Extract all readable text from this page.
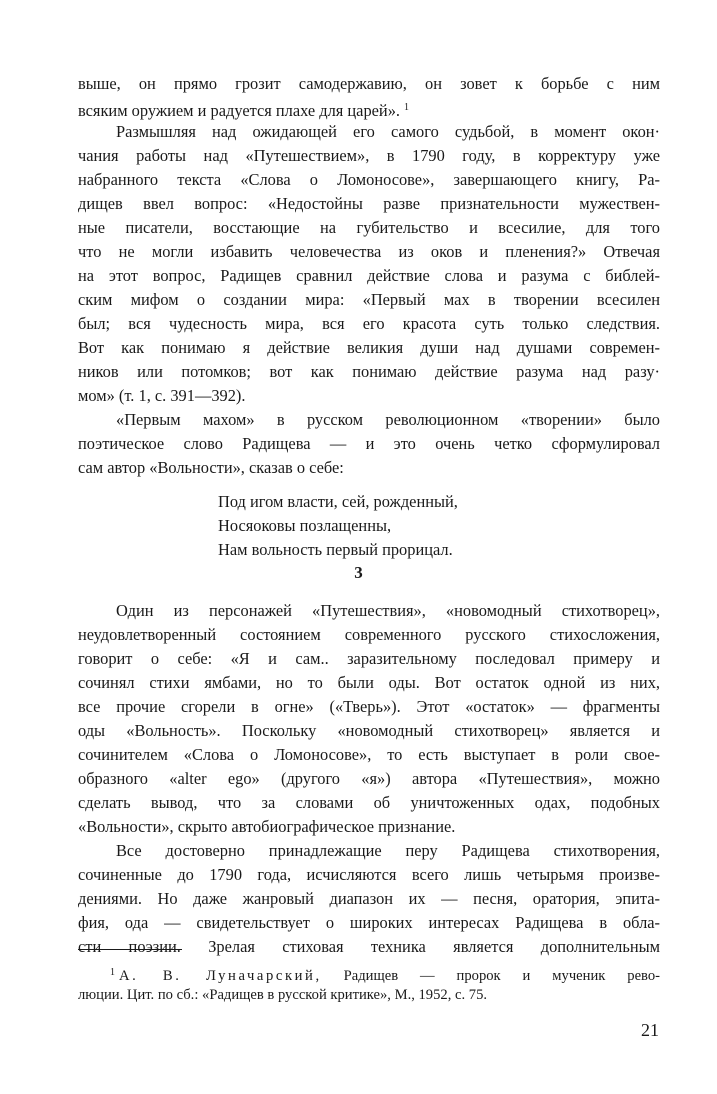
выше, он прямо грозит самодержавию, он зовет к борьбе с ним
всяким оружием и радуется плахе для царей». $^1$
Размышляя над ожидающей его самого судьбой, в момент окон·
чания работы над «Путешествием», в 1790 году, в корректуру уже
набранного текста «Слова о Ломоносове», завершающего книгу, Ра-
дищев ввел вопрос: «Недостойны разве признательности мужествен-
ные писатели, восстающие на губительство и всесилие, для того
что не могли избавить человечества из оков и пленения?» Отвечая
на этот вопрос, Радищев сравнил действие слова и разума с библей-
ским мифом о создании мира: «Первый мах в творении всесилен
был; вся чудесность мира, вся его красота суть только следствия.
Вот как понимаю я действие великия души над душами современ-
ников или потомков; вот как понимаю действие разума над разу·
мом» (т. 1, с. 391—392).
«Первым махом» в русском революционном «творении» было
поэтическое слово Радищева — и это очень четко сформулировал
сам автор «Вольности», сказав о себе:
Под игом власти, сей, рожденный,
Носяоковы позлащенны,
Нам вольность первый прорицал.
3
Один из персонажей «Путешествия», «новомодный стихотворец»,
неудовлетворенный состоянием современного русского стихосложения,
говорит о себе: «Я и сам.. заразительному последовал примеру и
сочинял стихи ямбами, но то были оды. Вот остаток одной из них,
все прочие сгорели в огне» («Тверь»). Этот «остаток» — фрагменты
оды «Вольность». Поскольку «новомодный стихотворец» является и
сочинителем «Слова о Ломоносове», то есть выступает в роли свое-
образного «alter ego» (другого «я») автора «Путешествия», можно
сделать вывод, что за словами об уничтоженных одах, подобных
«Вольности», скрыто автобиографическое признание.
Все достоверно принадлежащие перу Радищева стихотворения,
сочиненные до 1790 года, исчисляются всего лишь четырьмя произве-
дениями. Но даже жанровый диапазон их — песня, оратория, эпита-
фия, ода — свидетельствует о широких интересах Радищева в обла-
сти поэзии. Зрелая стиховая техника является дополнительным
$^1$ А. В. Луначарский, Радищев — пророк и мученик рево-
люции. Цит. по сб.: «Радищев в русской критике», М., 1952, с. 75.
21
